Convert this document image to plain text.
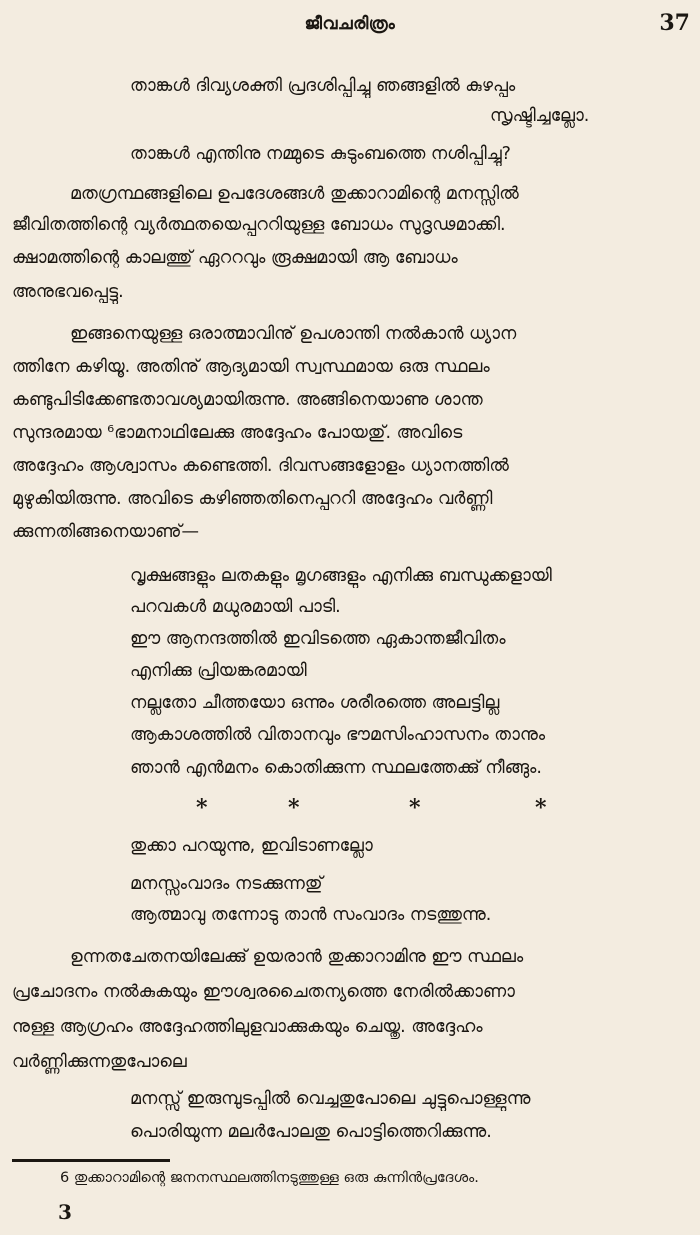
ജീവചരിത്രം	37
താങ്കൾ ദിവ്യശക്തി പ്രദശിപ്പിച്ചു ഞങ്ങളിൽ കുഴപ്പം
സൃഷ്ടിച്ചല്ലോ.
താങ്കൾ എന്തിനു നമ്മുടെ കുടുംബത്തെ നശിപ്പിച്ചു?
മതഗ്രന്ഥങ്ങളിലെ ഉപദേശങ്ങൾ തുക്കാറാമിന്റെ മനസ്സിൽ
ജീവിതത്തിന്റെ വ്യർത്ഥതയെപ്പററിയുള്ള ബോധം സുദൃഢമാക്കി.
ക്ഷാമത്തിന്റെ കാലത്തു് ഏററവും രൂക്ഷമായി ആ ബോധം
അനുഭവപ്പെട്ടു.
ഇങ്ങനെയുള്ള ഒരാത്മാവിനു് ഉപശാന്തി നൽകാൻ ധ്യാന
ത്തിനേ കഴിയൂ. അതിനു് ആദ്യമായി സ്വസ്ഥമായ ഒരു സ്ഥലം
കണ്ടുപിടിക്കേണ്ടതാവശ്യമായിരുന്നു. അങ്ങിനെയാണു ശാന്ത
സുന്ദരമായ ⁶ഭാമനാഥിലേക്കു അദ്ദേഹം പോയതു്. അവിടെ
അദ്ദേഹം ആശ്വാസം കണ്ടെത്തി. ദിവസങ്ങളോളം ധ്യാനത്തിൽ
മുഴുകിയിരുന്നു. അവിടെ കഴിഞ്ഞതിനെപ്പററി അദ്ദേഹം വർണ്ണി
ക്കുന്നതിങ്ങനെയാണു്—
വൃക്ഷങ്ങളും ലതകളും മൃഗങ്ങളും എനിക്കു ബന്ധുക്കളായി
പറവകൾ മധുരമായി പാടി.
ഈ ആനന്ദത്തിൽ ഇവിടത്തെ ഏകാന്തജീവിതം
എനിക്കു പ്രിയങ്കരമായി
നല്ലതോ ചീത്തയോ ഒന്നും ശരീരത്തെ അലട്ടില്ല
ആകാശത്തിൽ വിതാനവും ഭൗമസിംഹാസനം താനും
ഞാൻ എൻമനം കൊതിക്കുന്ന സ്ഥലത്തേക്കു് നീങ്ങും.
*	*	*	*
തുക്കാ പറയുന്നു, ഇവിടാണല്ലോ
മനസ്സംവാദം നടക്കുന്നതു്
ആത്മാവു തന്നോടു താൻ സംവാദം നടത്തുന്നു.
ഉന്നതചേതനയിലേക്കു് ഉയരാൻ തുക്കാറാമിനു ഈ സ്ഥലം
പ്രചോദനം നൽകുകയും ഈശ്വരചൈതന്യത്തെ നേരിൽക്കാണാ
നുള്ള ആഗ്രഹം അദ്ദേഹത്തിലുളവാക്കുകയും ചെയ്തു. അദ്ദേഹം
വർണ്ണിക്കുന്നതുപോലെ
മനസ്സു് ഇരുമ്പുടപ്പിൽ വെച്ചതുപോലെ ചുട്ടുപൊള്ളുന്നു
പൊരിയുന്ന മലർപോലതു പൊട്ടിത്തെറിക്കുന്നു.
6 തുക്കാറാമിന്റെ ജനനസ്ഥലത്തിനടുത്തുള്ള ഒരു കുന്നിൻപ്രദേശം.
3
